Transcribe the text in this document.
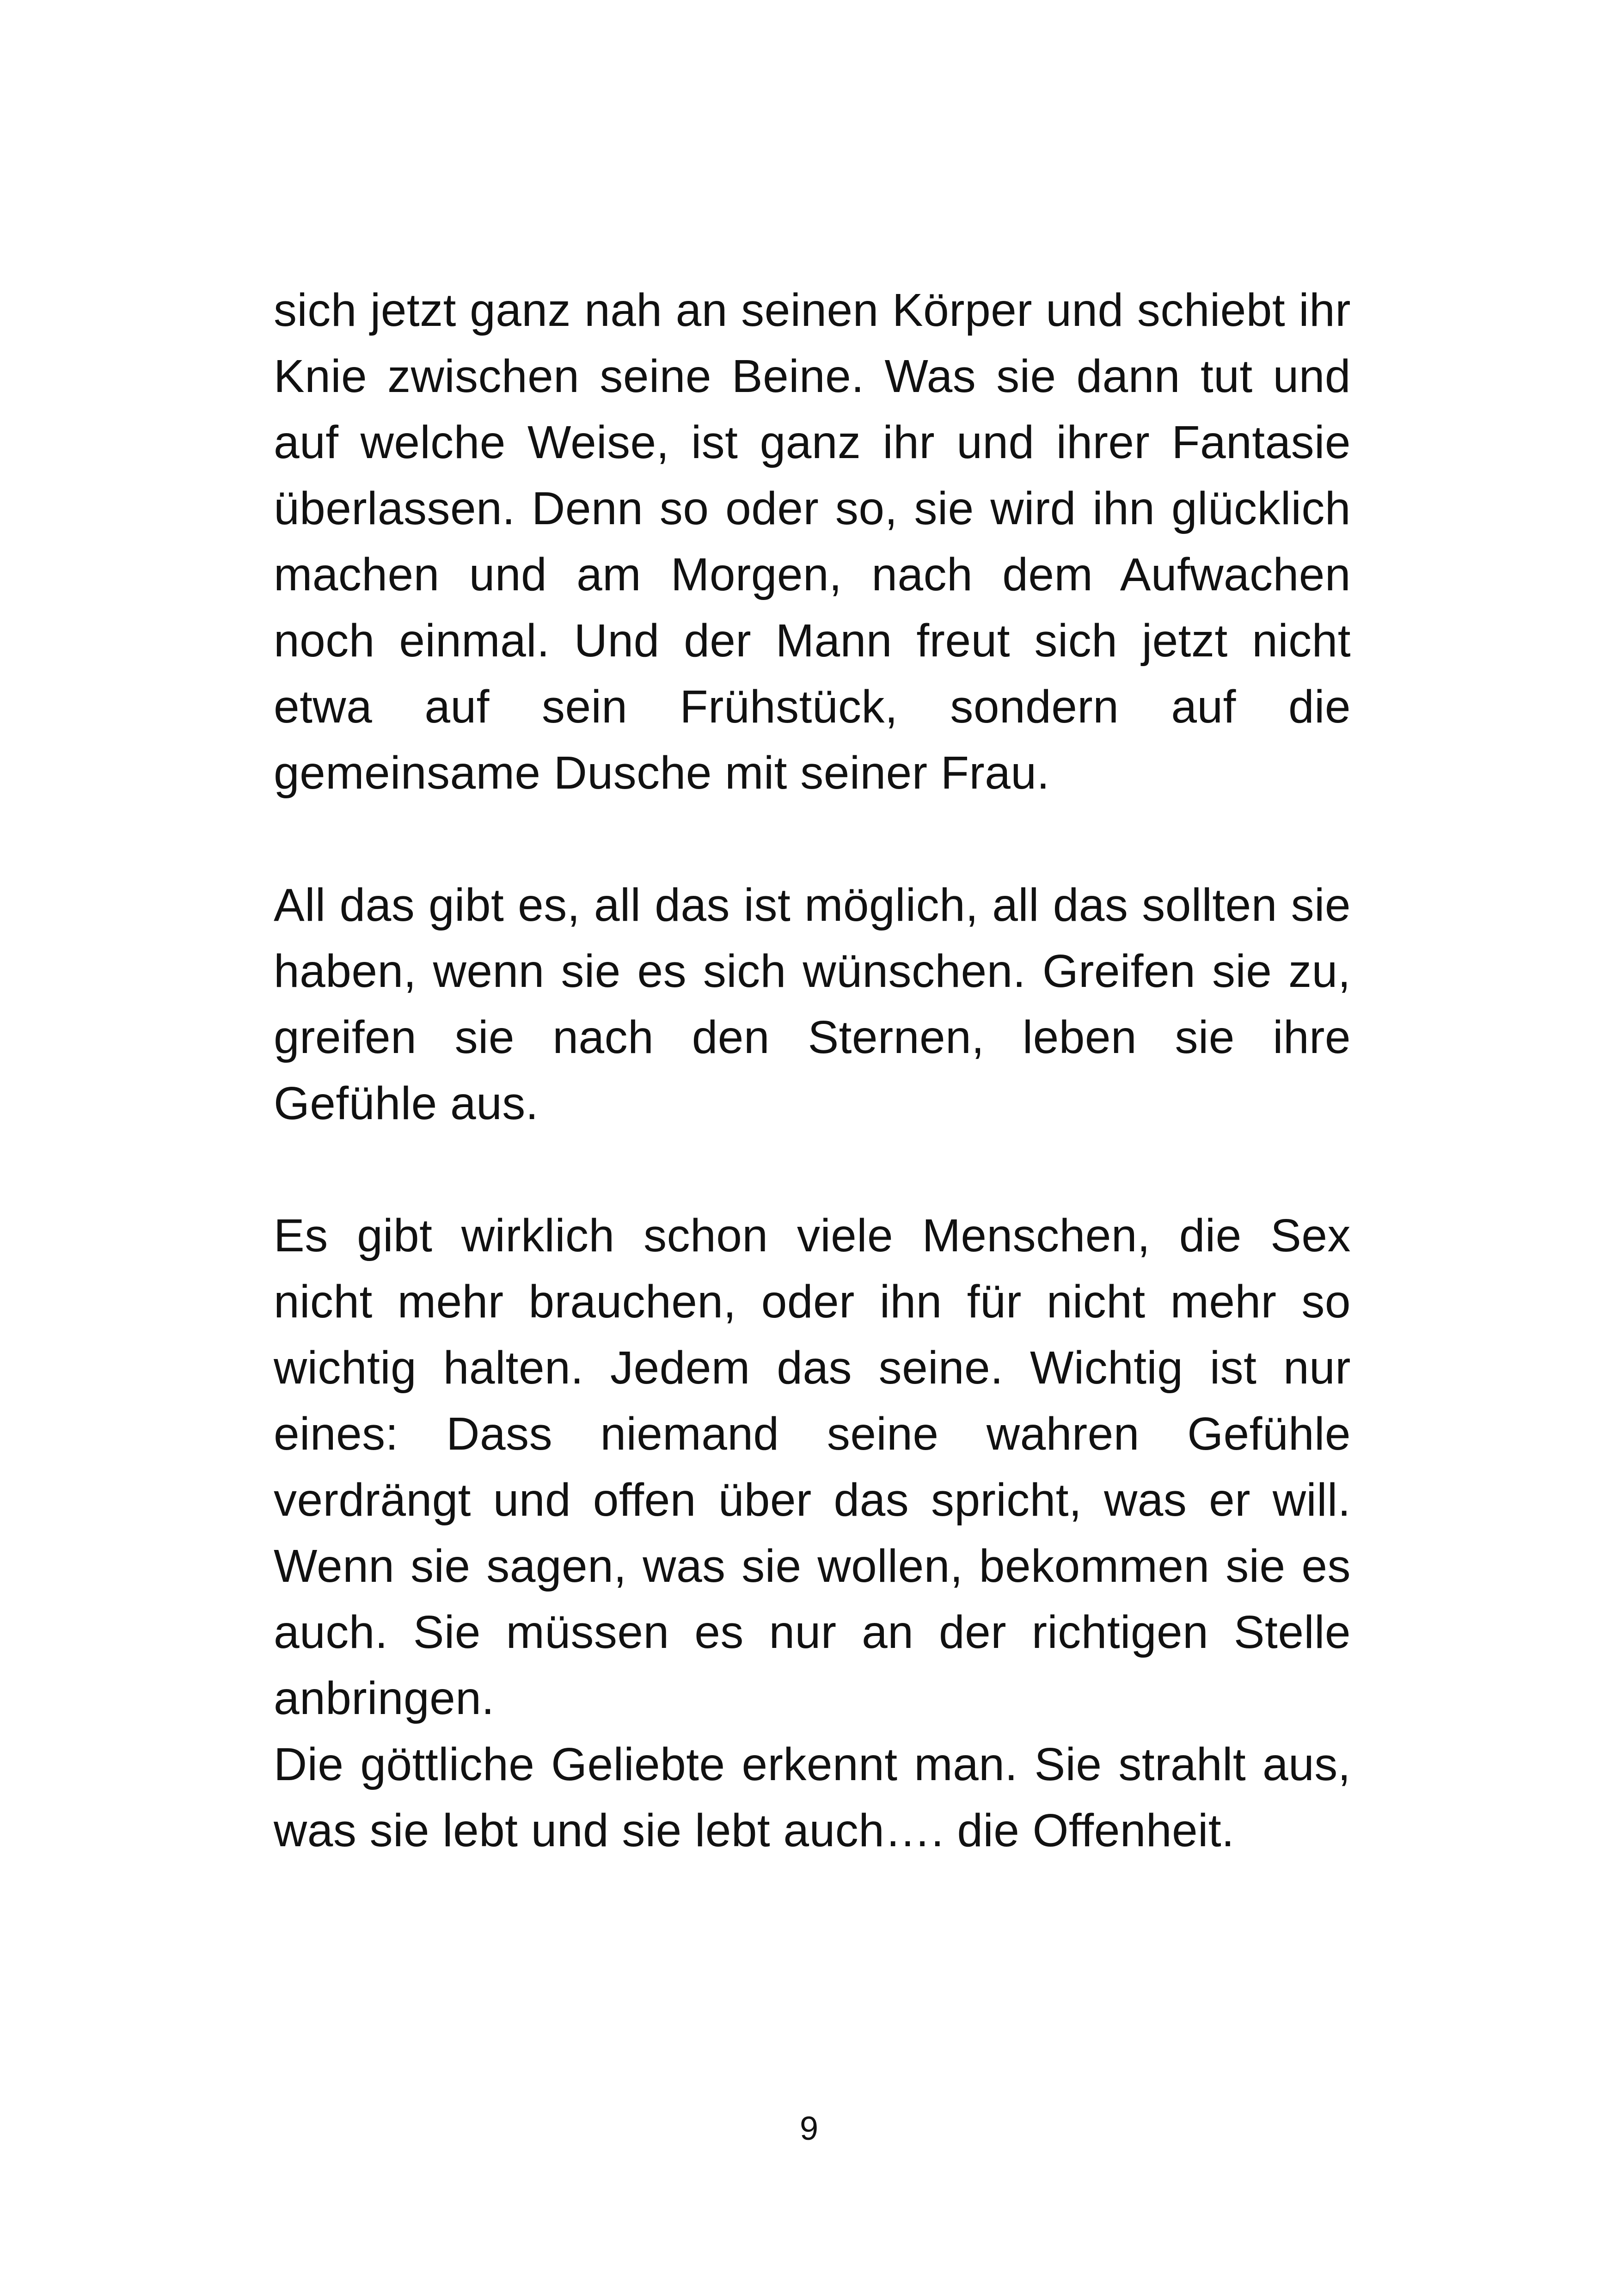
sich jetzt ganz nah an seinen Körper und schiebt ihr Knie zwischen seine Beine. Was sie dann tut und auf welche Weise, ist ganz ihr und ihrer Fantasie überlassen. Denn so oder so, sie wird ihn glücklich machen und am Morgen, nach dem Aufwachen noch einmal. Und der Mann freut sich jetzt nicht etwa auf sein Frühstück, sondern auf die gemeinsame Dusche mit seiner Frau.

All das gibt es, all das ist möglich, all das sollten sie haben, wenn sie es sich wünschen. Greifen sie zu, greifen sie nach den Sternen, leben sie ihre Gefühle aus.

Es gibt wirklich schon viele Menschen, die Sex nicht mehr brauchen, oder ihn für nicht mehr so wichtig halten. Jedem das seine. Wichtig ist nur eines: Dass niemand seine wahren Gefühle verdrängt und offen über das spricht, was er will. Wenn sie sagen, was sie wollen, bekommen sie es auch. Sie müssen es nur an der richtigen Stelle anbringen.

Die göttliche Geliebte erkennt man. Sie strahlt aus, was sie lebt und sie lebt auch…. die Offenheit.

9
